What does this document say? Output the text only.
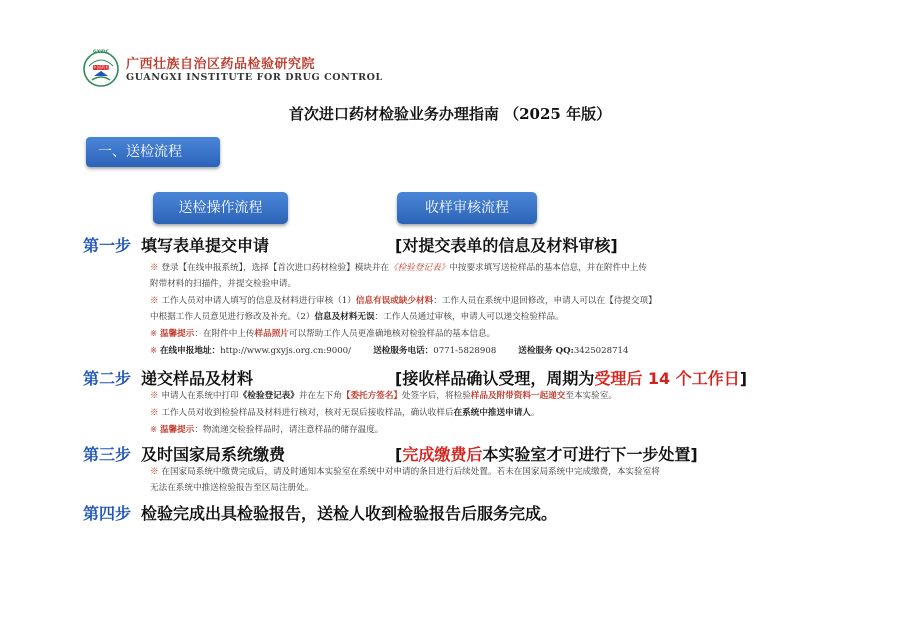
GXIDC
中国药检	广西壮族自治区药品检验研究院
GUANGXI INSTITUTE FOR DRUG CONTROL
首次进口药材检验业务办理指南 （2025 年版）
一、送检流程
送检操作流程	收样审核流程
第一步 填写表单提交申请	[对提交表单的信息及材料审核]
※ 登录【在线申报系统】，选择【首次进口药材检验】模块并在《检验登记表》中按要求填写送检样品的基本信息，并在附件中上传
附带材料的扫描件，并提交检验申请。
※ 工作人员对申请人填写的信息及材料进行审核（1）信息有误或缺少材料：工作人员在系统中退回修改，申请人可以在【待提交项】
中根据工作人员意见进行修改及补充。（2）信息及材料无误：工作人员通过审核，申请人可以递交检验样品。
※ 温馨提示：在附件中上传样品照片可以帮助工作人员更准确地核对检验样品的基本信息。
※ 在线申报地址：http://www.gxyjs.org.cn:9000/	送检服务电话：0771-5828908	送检服务 QQ:3425028714
第二步 递交样品及材料	[接收样品确认受理，周期为受理后 14 个工作日]
※ 申请人在系统中打印《检验登记表》并在左下角【委托方签名】处签字后，将检验样品及附带资料一起递交至本实验室。
※ 工作人员对收到检验样品及材料进行核对，核对无误后接收样品，确认收样后在系统中推送申请人。
※ 温馨提示：物流递交检验样品时，请注意样品的储存温度。
第三步 及时国家局系统缴费	[完成缴费后本实验室才可进行下一步处置]
※ 在国家局系统中缴费完成后，请及时通知本实验室在系统中对申请的条目进行后续处置。若未在国家局系统中完成缴费，本实验室将
无法在系统中推送检验报告至区局注册处。
第四步 检验完成出具检验报告，送检人收到检验报告后服务完成。
